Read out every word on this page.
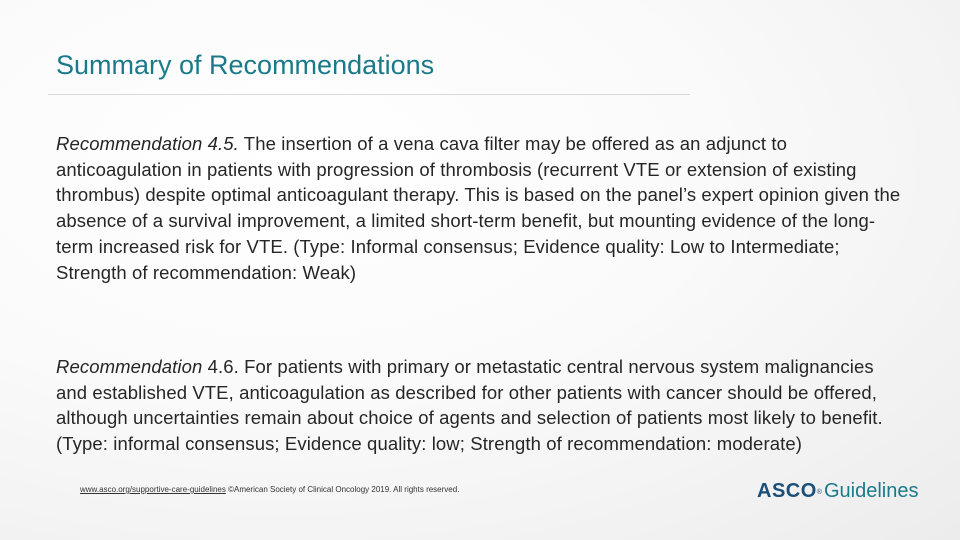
Summary of Recommendations

Recommendation 4.5. The insertion of a vena cava filter may be offered as an adjunct to anticoagulation in patients with progression of thrombosis (recurrent VTE or extension of existing thrombus) despite optimal anticoagulant therapy. This is based on the panel’s expert opinion given the absence of a survival improvement, a limited short-term benefit, but mounting evidence of the long-term increased risk for VTE. (Type: Informal consensus; Evidence quality: Low to Intermediate; Strength of recommendation: Weak)

Recommendation 4.6. For patients with primary or metastatic central nervous system malignancies and established VTE, anticoagulation as described for other patients with cancer should be offered, although uncertainties remain about choice of agents and selection of patients most likely to benefit. (Type: informal consensus; Evidence quality: low; Strength of recommendation: moderate)

www.asco.org/supportive-care-guidelines ©American Society of Clinical Oncology 2019. All rights reserved.	ASCO® Guidelines
